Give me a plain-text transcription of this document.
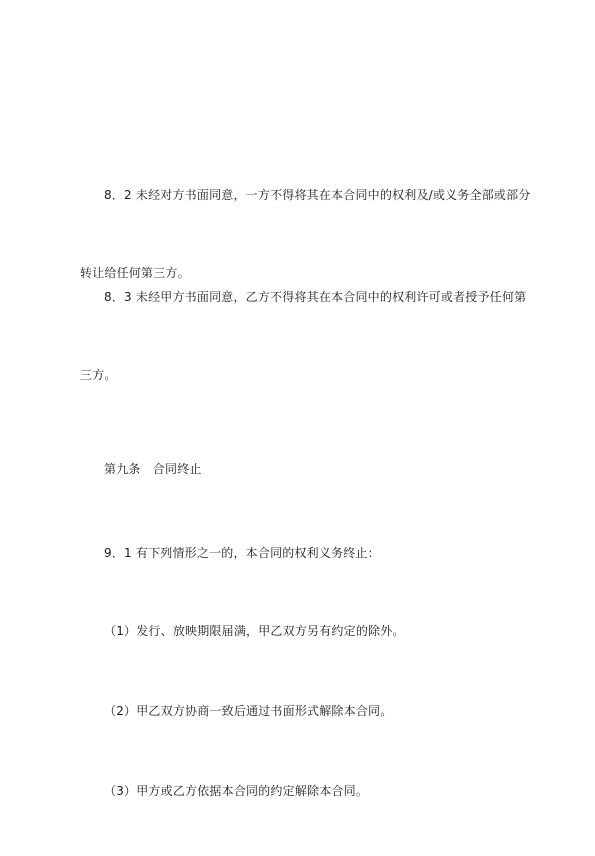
8．2 未经对方书面同意，一方不得将其在本合同中的权利及/或义务全部或部分

转让给任何第三方。

8．3 未经甲方书面同意，乙方不得将其在本合同中的权利许可或者授予任何第

三方。

第九条　合同终止

9．1 有下列情形之一的，本合同的权利义务终止：

（1）发行、放映期限届满，甲乙双方另有约定的除外。

（2）甲乙双方协商一致后通过书面形式解除本合同。

（3）甲方或乙方依据本合同的约定解除本合同。
